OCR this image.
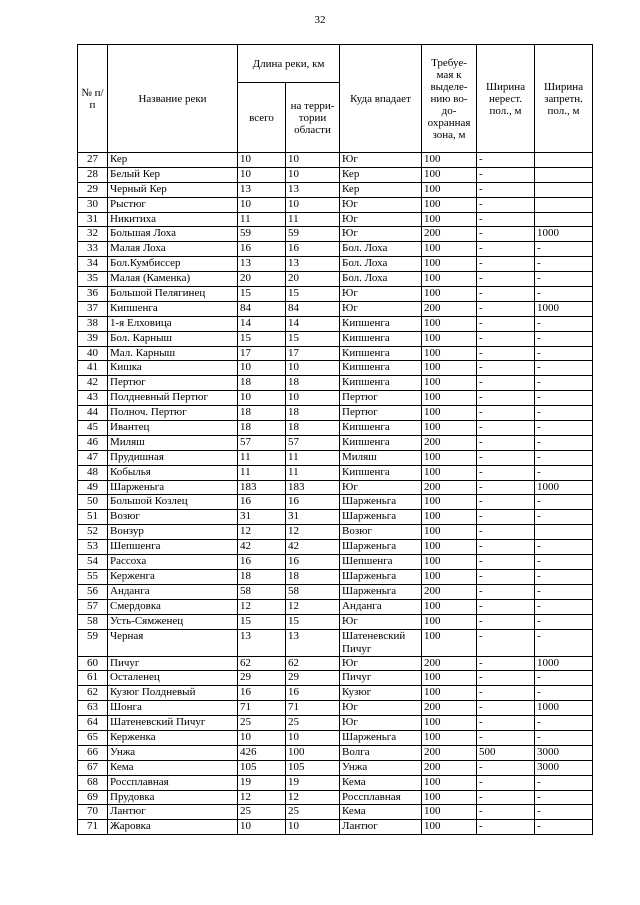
32
№ п/п	Название реки	Длина реки, км		Куда впадает	Требуе-мая к выделе-нию во-до-охранная зона, м	Ширина нерест. пол., м	Ширина запретн. пол., м
		всего	на терри-тории области				
27	Кер	10	10	Юг	100	-	
28	Белый Кер	10	10	Кер	100	-	
29	Черный Кер	13	13	Кер	100	-	
30	Рыстюг	10	10	Юг	100	-	
31	Никитиха	11	11	Юг	100	-	
32	Большая Лоха	59	59	Юг	200	-	1000
33	Малая Лоха	16	16	Бол. Лоха	100	-	-
34	Бол.Кумбиссер	13	13	Бол. Лоха	100	-	-
35	Малая (Каменка)	20	20	Бол. Лоха	100	-	-
36	Большой Пелягинец	15	15	Юг	100	-	-
37	Кипшенга	84	84	Юг	200	-	1000
38	1-я Елховица	14	14	Кипшенга	100	-	-
39	Бол. Карныш	15	15	Кипшенга	100	-	-
40	Мал. Карныш	17	17	Кипшенга	100	-	-
41	Кишка	10	10	Кипшенга	100	-	-
42	Пертюг	18	18	Кипшенга	100	-	-
43	Полдневный Пертюг	10	10	Пертюг	100	-	-
44	Полноч. Пертюг	18	18	Пертюг	100	-	-
45	Ивантец	18	18	Кипшенга	100	-	-
46	Миляш	57	57	Кипшенга	200	-	-
47	Прудишная	11	11	Миляш	100	-	-
48	Кобылья	11	11	Кипшенга	100	-	-
49	Шарженьга	183	183	Юг	200	-	1000
50	Большой Козлец	16	16	Шарженьга	100	-	-
51	Возюг	31	31	Шарженьга	100	-	-
52	Вонзур	12	12	Возюг	100	-	
53	Шепшенга	42	42	Шарженьга	100	-	-
54	Рассоха	16	16	Шепшенга	100	-	-
55	Керженга	18	18	Шарженьга	100	-	-
56	Анданга	58	58	Шарженьга	200	-	-
57	Смердовка	12	12	Анданга	100	-	-
58	Усть-Сямженец	15	15	Юг	100	-	-
59	Черная	13	13	Шатеневский Пичуг	100	-	-
60	Пичуг	62	62	Юг	200	-	1000
61	Осталенец	29	29	Пичуг	100	-	-
62	Кузюг Полдневый	16	16	Кузюг	100	-	-
63	Шонга	71	71	Юг	200	-	1000
64	Шатеневский Пичуг	25	25	Юг	100	-	-
65	Керженка	10	10	Шарженьга	100	-	-
66	Унжа	426	100	Волга	200	500	3000
67	Кема	105	105	Унжа	200	-	3000
68	Россплавная	19	19	Кема	100	-	-
69	Прудовка	12	12	Россплавная	100	-	-
70	Лантюг	25	25	Кема	100	-	-
71	Жаровка	10	10	Лантюг	100	-	-
